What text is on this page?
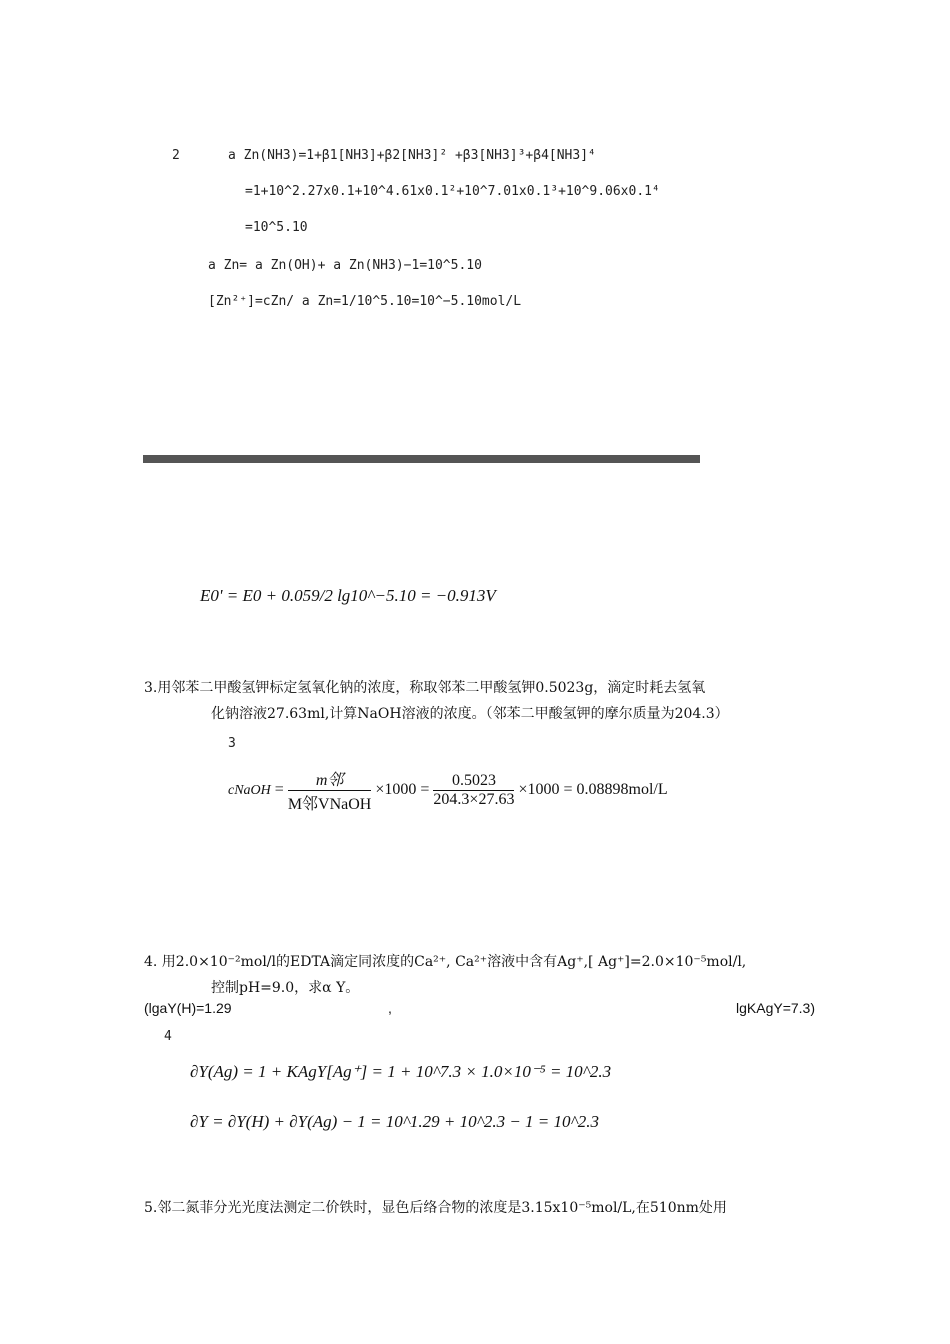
2	a Zn(NH3)=1+β1[NH3]+β2[NH3]² +β3[NH3]³+β4[NH3]⁴
=1+10^2.27x0.1+10^4.61x0.1²+10^7.01x0.1³+10^9.06x0.1⁴
=10^5.10
a Zn= a Zn(OH)+ a Zn(NH3)−1=10^5.10
[Zn²⁺]=cZn/ a Zn=1/10^5.10=10^−5.10mol/L
E0' = E0 + 0.059/2 lg10^−5.10 = −0.913V
3.用邻苯二甲酸氢钾标定氢氧化钠的浓度，称取邻苯二甲酸氢钾0.5023g，滴定时耗去氢氧
化钠溶液27.63ml,计算NaOH溶液的浓度。（邻苯二甲酸氢钾的摩尔质量为204.3）
3
cNaOH = $\frac{\text{m邻}}{\text{M邻VNaOH}} \times 1000 = \frac{0.5023}{204.3\times 27.63} \times 1000 = 0.08898mol/L$
4. 用2.0×10⁻²mol/l的EDTA滴定同浓度的Ca²⁺, Ca²⁺溶液中含有Ag⁺,[ Ag⁺]=2.0×10⁻⁵mol/l,
控制pH=9.0，求α Y。
(lgaY(H)=1.29	,	lgKAgY=7.3)
4
∂Y(Ag) = 1 + KAgY[Ag⁺] = 1 + 10^7.3 × 1.0×10⁻⁵ = 10^2.3
∂Y = ∂Y(H) + ∂Y(Ag) − 1 = 10^1.29 + 10^2.3 − 1 = 10^2.3
5.邻二氮菲分光光度法测定二价铁时，显色后络合物的浓度是3.15x10⁻⁵mol/L,在510nm处用
